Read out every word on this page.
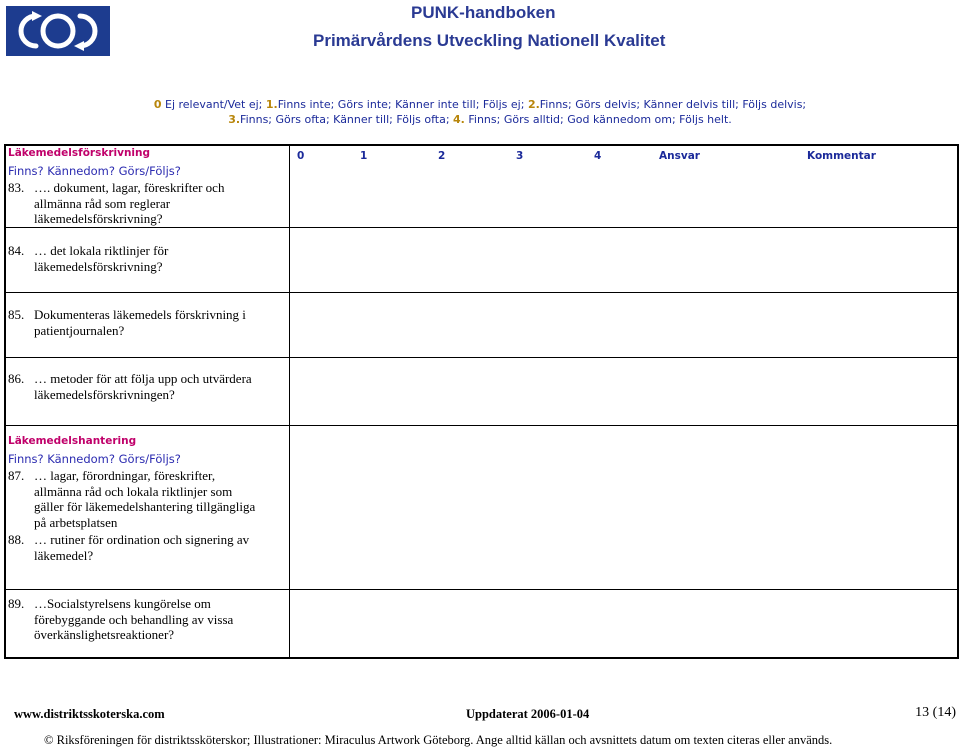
PUNK-handboken
Primärvårdens Utveckling Nationell Kvalitet
0 Ej relevant/Vet ej; 1.Finns inte; Görs inte; Känner inte till; Följs ej; 2.Finns; Görs delvis; Känner delvis till; Följs delvis;
3.Finns; Görs ofta; Känner till; Följs ofta; 4. Finns; Görs alltid; God kännedom om; Följs helt.
Läkemedelsförskrivning
Finns? Kännedom? Görs/Följs?
0	1	2	3	4	Ansvar	Kommentar
83. …. dokument, lagar, föreskrifter och
allmänna råd som reglerar
läkemedelsförskrivning?
84. … det lokala riktlinjer för
läkemedelsförskrivning?
85. Dokumenteras läkemedels förskrivning i
patientjournalen?
86. … metoder för att följa upp och utvärdera
läkemedelsförskrivningen?
Läkemedelshantering
Finns? Kännedom? Görs/Följs?
87. … lagar, förordningar, föreskrifter,
allmänna råd och lokala riktlinjer som
gäller för läkemedelshantering tillgängliga
på arbetsplatsen
88. … rutiner för ordination och signering av
läkemedel?
89. …Socialstyrelsens kungörelse om
förebyggande och behandling av vissa
överkänslighetsreaktioner?
www.distriktsskoterska.com	Uppdaterat 2006-01-04	13 (14)
© Riksföreningen för distriktssköterskor; Illustrationer: Miraculus Artwork Göteborg. Ange alltid källan och avsnittets datum om texten citeras eller används.
